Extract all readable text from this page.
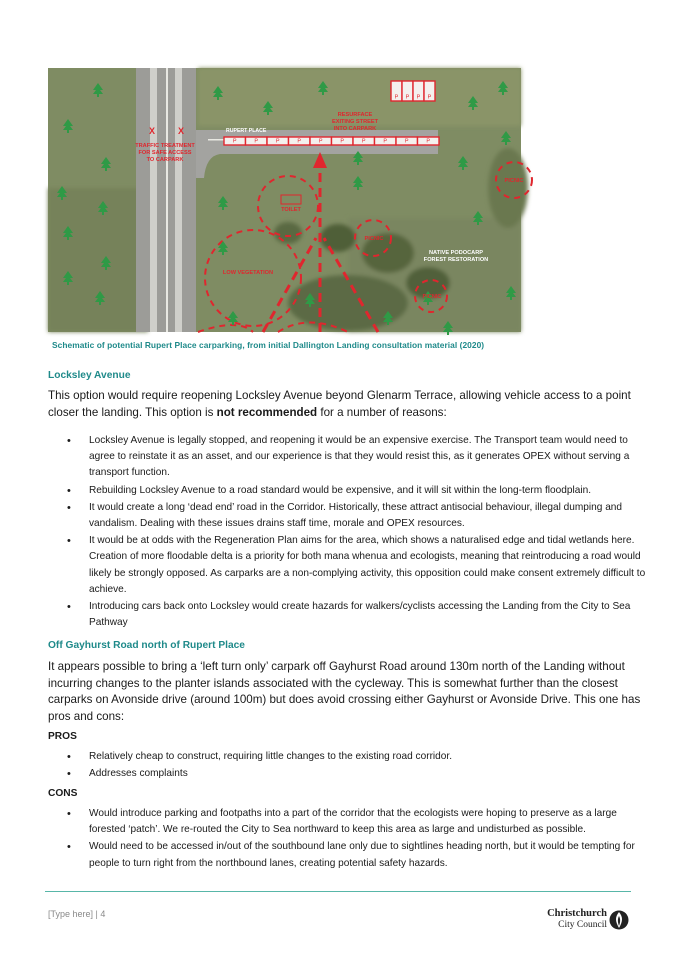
P	P	P	P	P	P	P	P	P	P
P P P P
RUPERT PLACE
RESURFACE
EXITING STREET
INTO CARPARK
TRAFFIC TREATMENT
FOR SAFE ACCESS
TO CARPARK
TOILET
PICNIC
PICNIC
PICNIC
LOW VEGETATION
NATIVE PODOCARP
FOREST RESTORATION
X	X
Schematic of potential Rupert Place carparking, from initial Dallington Landing consultation material (2020)
Locksley Avenue
This option would require reopening Locksley Avenue beyond Glenarm Terrace, allowing vehicle access to a point closer the landing. This option is not recommended for a number of reasons:
• Locksley Avenue is legally stopped, and reopening it would be an expensive exercise. The Transport team would need to agree to reinstate it as an asset, and our experience is that they would resist this, as it generates OPEX without serving a transport function.
• Rebuilding Locksley Avenue to a road standard would be expensive, and it will sit within the long-term floodplain.
• It would create a long ‘dead end’ road in the Corridor. Historically, these attract antisocial behaviour, illegal dumping and vandalism. Dealing with these issues drains staff time, morale and OPEX resources.
• It would be at odds with the Regeneration Plan aims for the area, which shows a naturalised edge and tidal wetlands here. Creation of more floodable delta is a priority for both mana whenua and ecologists, meaning that reintroducing a road would likely be strongly opposed. As carparks are a non-complying activity, this opposition could make consent extremely difficult to achieve.
• Introducing cars back onto Locksley would create hazards for walkers/cyclists accessing the Landing from the City to Sea Pathway
Off Gayhurst Road north of Rupert Place
It appears possible to bring a ‘left turn only’ carpark off Gayhurst Road around 130m north of the Landing without incurring changes to the planter islands associated with the cycleway. This is somewhat further than the closest carparks on Avonside drive (around 100m) but does avoid crossing either Gayhurst or Avonside Drive. This one has pros and cons:
PROS
• Relatively cheap to construct, requiring little changes to the existing road corridor.
• Addresses complaints
CONS
• Would introduce parking and footpaths into a part of the corridor that the ecologists were hoping to preserve as a large forested ‘patch’. We re-routed the City to Sea northward to keep this area as large and undisturbed as possible.
• Would need to be accessed in/out of the southbound lane only due to sightlines heading north, but it would be tempting for people to turn right from the northbound lanes, creating potential safety hazards.
[Type here] | 4	Christchurch
City Council
